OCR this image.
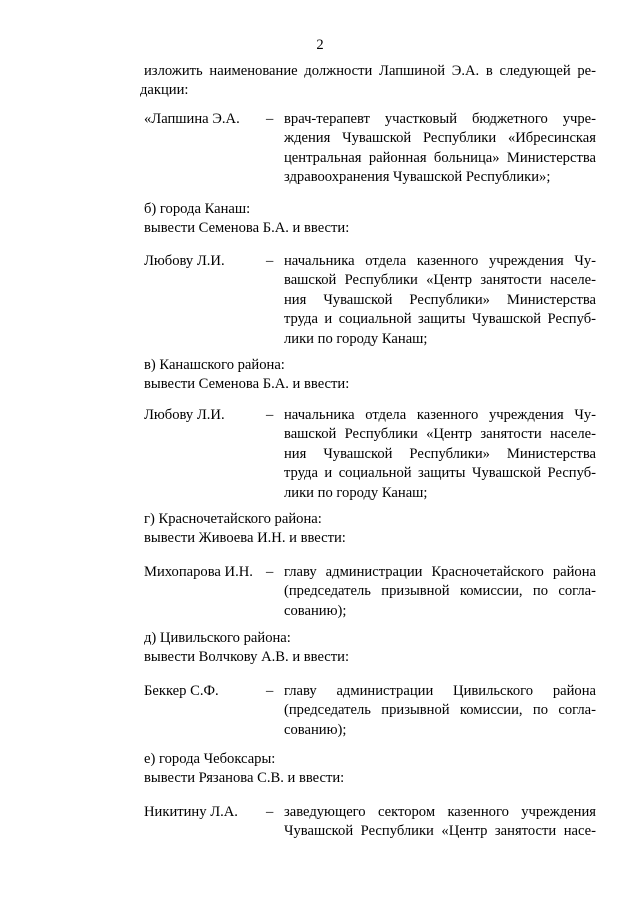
2
изложить наименование должности Лапшиной Э.А. в следующей ре-
дакции:
«Лапшина Э.А. – врач-терапевт участковый бюджетного учре-
ждения Чувашской Республики «Ибресинская
центральная районная больница» Министерства
здравоохранения Чувашской Республики»;
б) города Канаш:
вывести Семенова Б.А. и ввести:
Любову Л.И.	– начальника отдела казенного учреждения Чу-
вашской Республики «Центр занятости населе-
ния Чувашской Республики» Министерства
труда и социальной защиты Чувашской Респуб-
лики по городу Канаш;
в) Канашского района:
вывести Семенова Б.А. и ввести:
Любову Л.И.	– начальника отдела казенного учреждения Чу-
вашской Республики «Центр занятости населе-
ния Чувашской Республики» Министерства
труда и социальной защиты Чувашской Респуб-
лики по городу Канаш;
г) Красночетайского района:
вывести Живоева И.Н. и ввести:
Михопарова И.Н. – главу администрации Красночетайского района
(председатель призывной комиссии, по согла-
сованию);
д) Цивильского района:
вывести Волчкову А.В. и ввести:
Беккер С.Ф.	– главу администрации Цивильского района
(председатель призывной комиссии, по согла-
сованию);
е) города Чебоксары:
вывести Рязанова С.В. и ввести:
Никитину Л.А. – заведующего сектором казенного учреждения
Чувашской Республики «Центр занятости насе-
